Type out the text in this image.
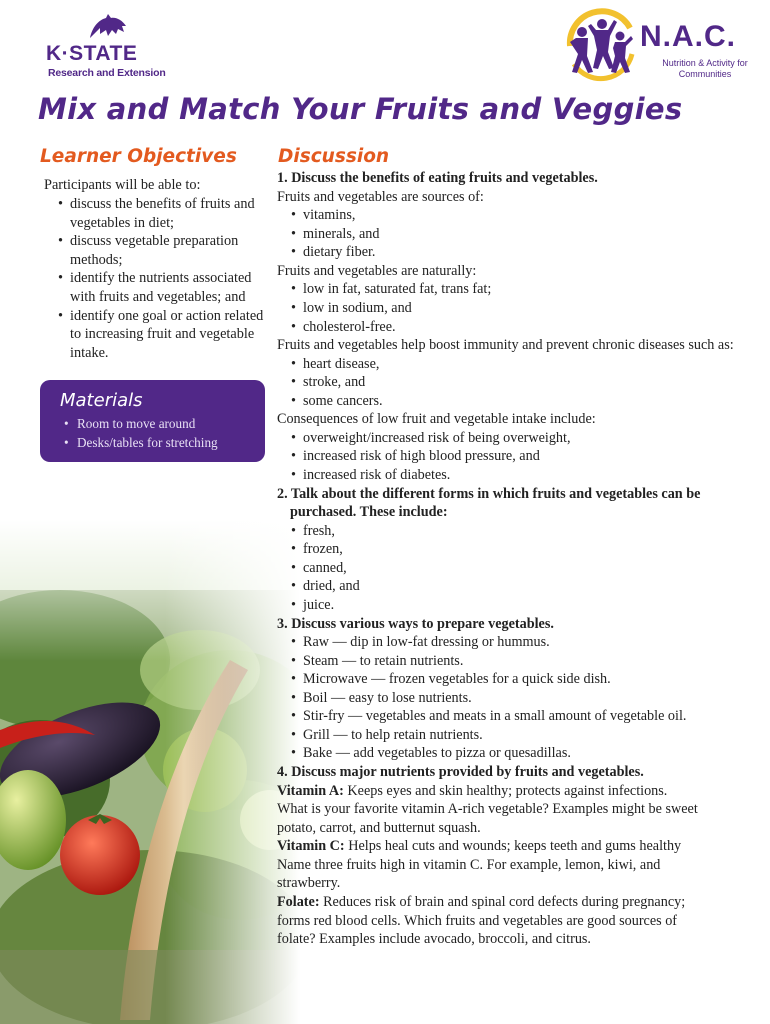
K·STATE
Research and Extension
N.A.C.
Nutrition & Activity for Communities
Mix and Match Your Fruits and Veggies
Learner Objectives

Participants will be able to:

• discuss the benefits of fruits and vegetables in diet;
• discuss vegetable preparation methods;
• identify the nutrients associated with fruits and vegetables; and
• identify one goal or action related to increasing fruit and vegetable intake.
Materials
• Room to move around
• Desks/tables for stretching
Discussion
1. Discuss the benefits of eating fruits and vegetables.
Fruits and vegetables are sources of:
• vitamins,
• minerals, and
• dietary fiber.
Fruits and vegetables are naturally:
• low in fat, saturated fat, trans fat;
• low in sodium, and
• cholesterol-free.
Fruits and vegetables help boost immunity and prevent chronic diseases such as:
• heart disease,
• stroke, and
• some cancers.
Consequences of low fruit and vegetable intake include:
• overweight/increased risk of being overweight,
• increased risk of high blood pressure, and
• increased risk of diabetes.
2. Talk about the different forms in which fruits and vegetables can be
purchased. These include:
• fresh,
• frozen,
• canned,
• dried, and
• juice.
3. Discuss various ways to prepare vegetables.
• Raw — dip in low-fat dressing or hummus.
• Steam — to retain nutrients.
• Microwave — frozen vegetables for a quick side dish.
• Boil — easy to lose nutrients.
• Stir-fry — vegetables and meats in a small amount of vegetable oil.
• Grill — to help retain nutrients.
• Bake — add vegetables to pizza or quesadillas.
4. Discuss major nutrients provided by fruits and vegetables.
Vitamin A: Keeps eyes and skin healthy; protects against infections.
What is your favorite vitamin A-rich vegetable? Examples might be sweet
potato, carrot, and butternut squash.
Vitamin C: Helps heal cuts and wounds; keeps teeth and gums healthy
Name three fruits high in vitamin C. For example, lemon, kiwi, and
strawberry.
Folate: Reduces risk of brain and spinal cord defects during pregnancy;
forms red blood cells. Which fruits and vegetables are good sources of
folate? Examples include avocado, broccoli, and citrus.
